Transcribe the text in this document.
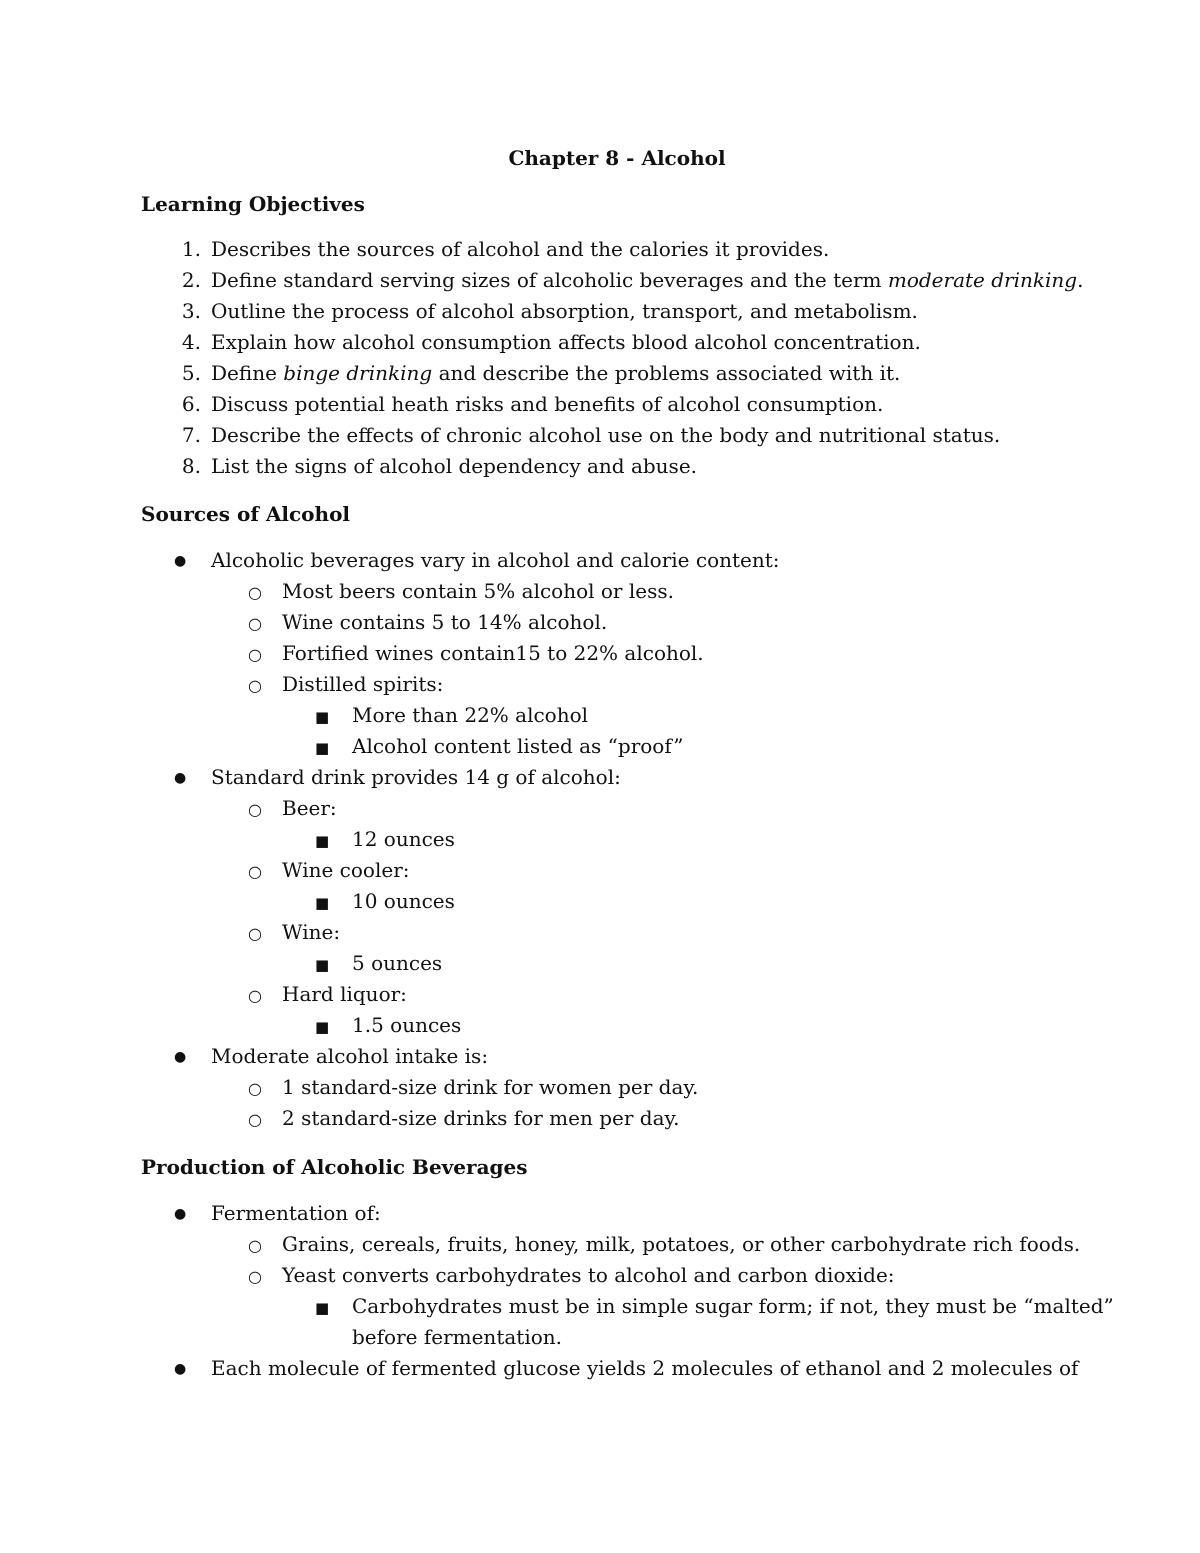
Chapter 8 - Alcohol
Learning Objectives
1. Describes the sources of alcohol and the calories it provides.
2. Define standard serving sizes of alcoholic beverages and the term moderate drinking.
3. Outline the process of alcohol absorption, transport, and metabolism.
4. Explain how alcohol consumption affects blood alcohol concentration.
5. Define binge drinking and describe the problems associated with it.
6. Discuss potential heath risks and benefits of alcohol consumption.
7. Describe the effects of chronic alcohol use on the body and nutritional status.
8. List the signs of alcohol dependency and abuse.
Sources of Alcohol
● Alcoholic beverages vary in alcohol and calorie content:
○ Most beers contain 5% alcohol or less.
○ Wine contains 5 to 14% alcohol.
○ Fortified wines contain15 to 22% alcohol.
○ Distilled spirits:
■ More than 22% alcohol
■ Alcohol content listed as “proof”
● Standard drink provides 14 g of alcohol:
○ Beer:
■ 12 ounces
○ Wine cooler:
■ 10 ounces
○ Wine:
■ 5 ounces
○ Hard liquor:
■ 1.5 ounces
● Moderate alcohol intake is:
○ 1 standard-size drink for women per day.
○ 2 standard-size drinks for men per day.
Production of Alcoholic Beverages
● Fermentation of:
○ Grains, cereals, fruits, honey, milk, potatoes, or other carbohydrate rich foods.
○ Yeast converts carbohydrates to alcohol and carbon dioxide:
■ Carbohydrates must be in simple sugar form; if not, they must be “malted”
before fermentation.
● Each molecule of fermented glucose yields 2 molecules of ethanol and 2 molecules of
